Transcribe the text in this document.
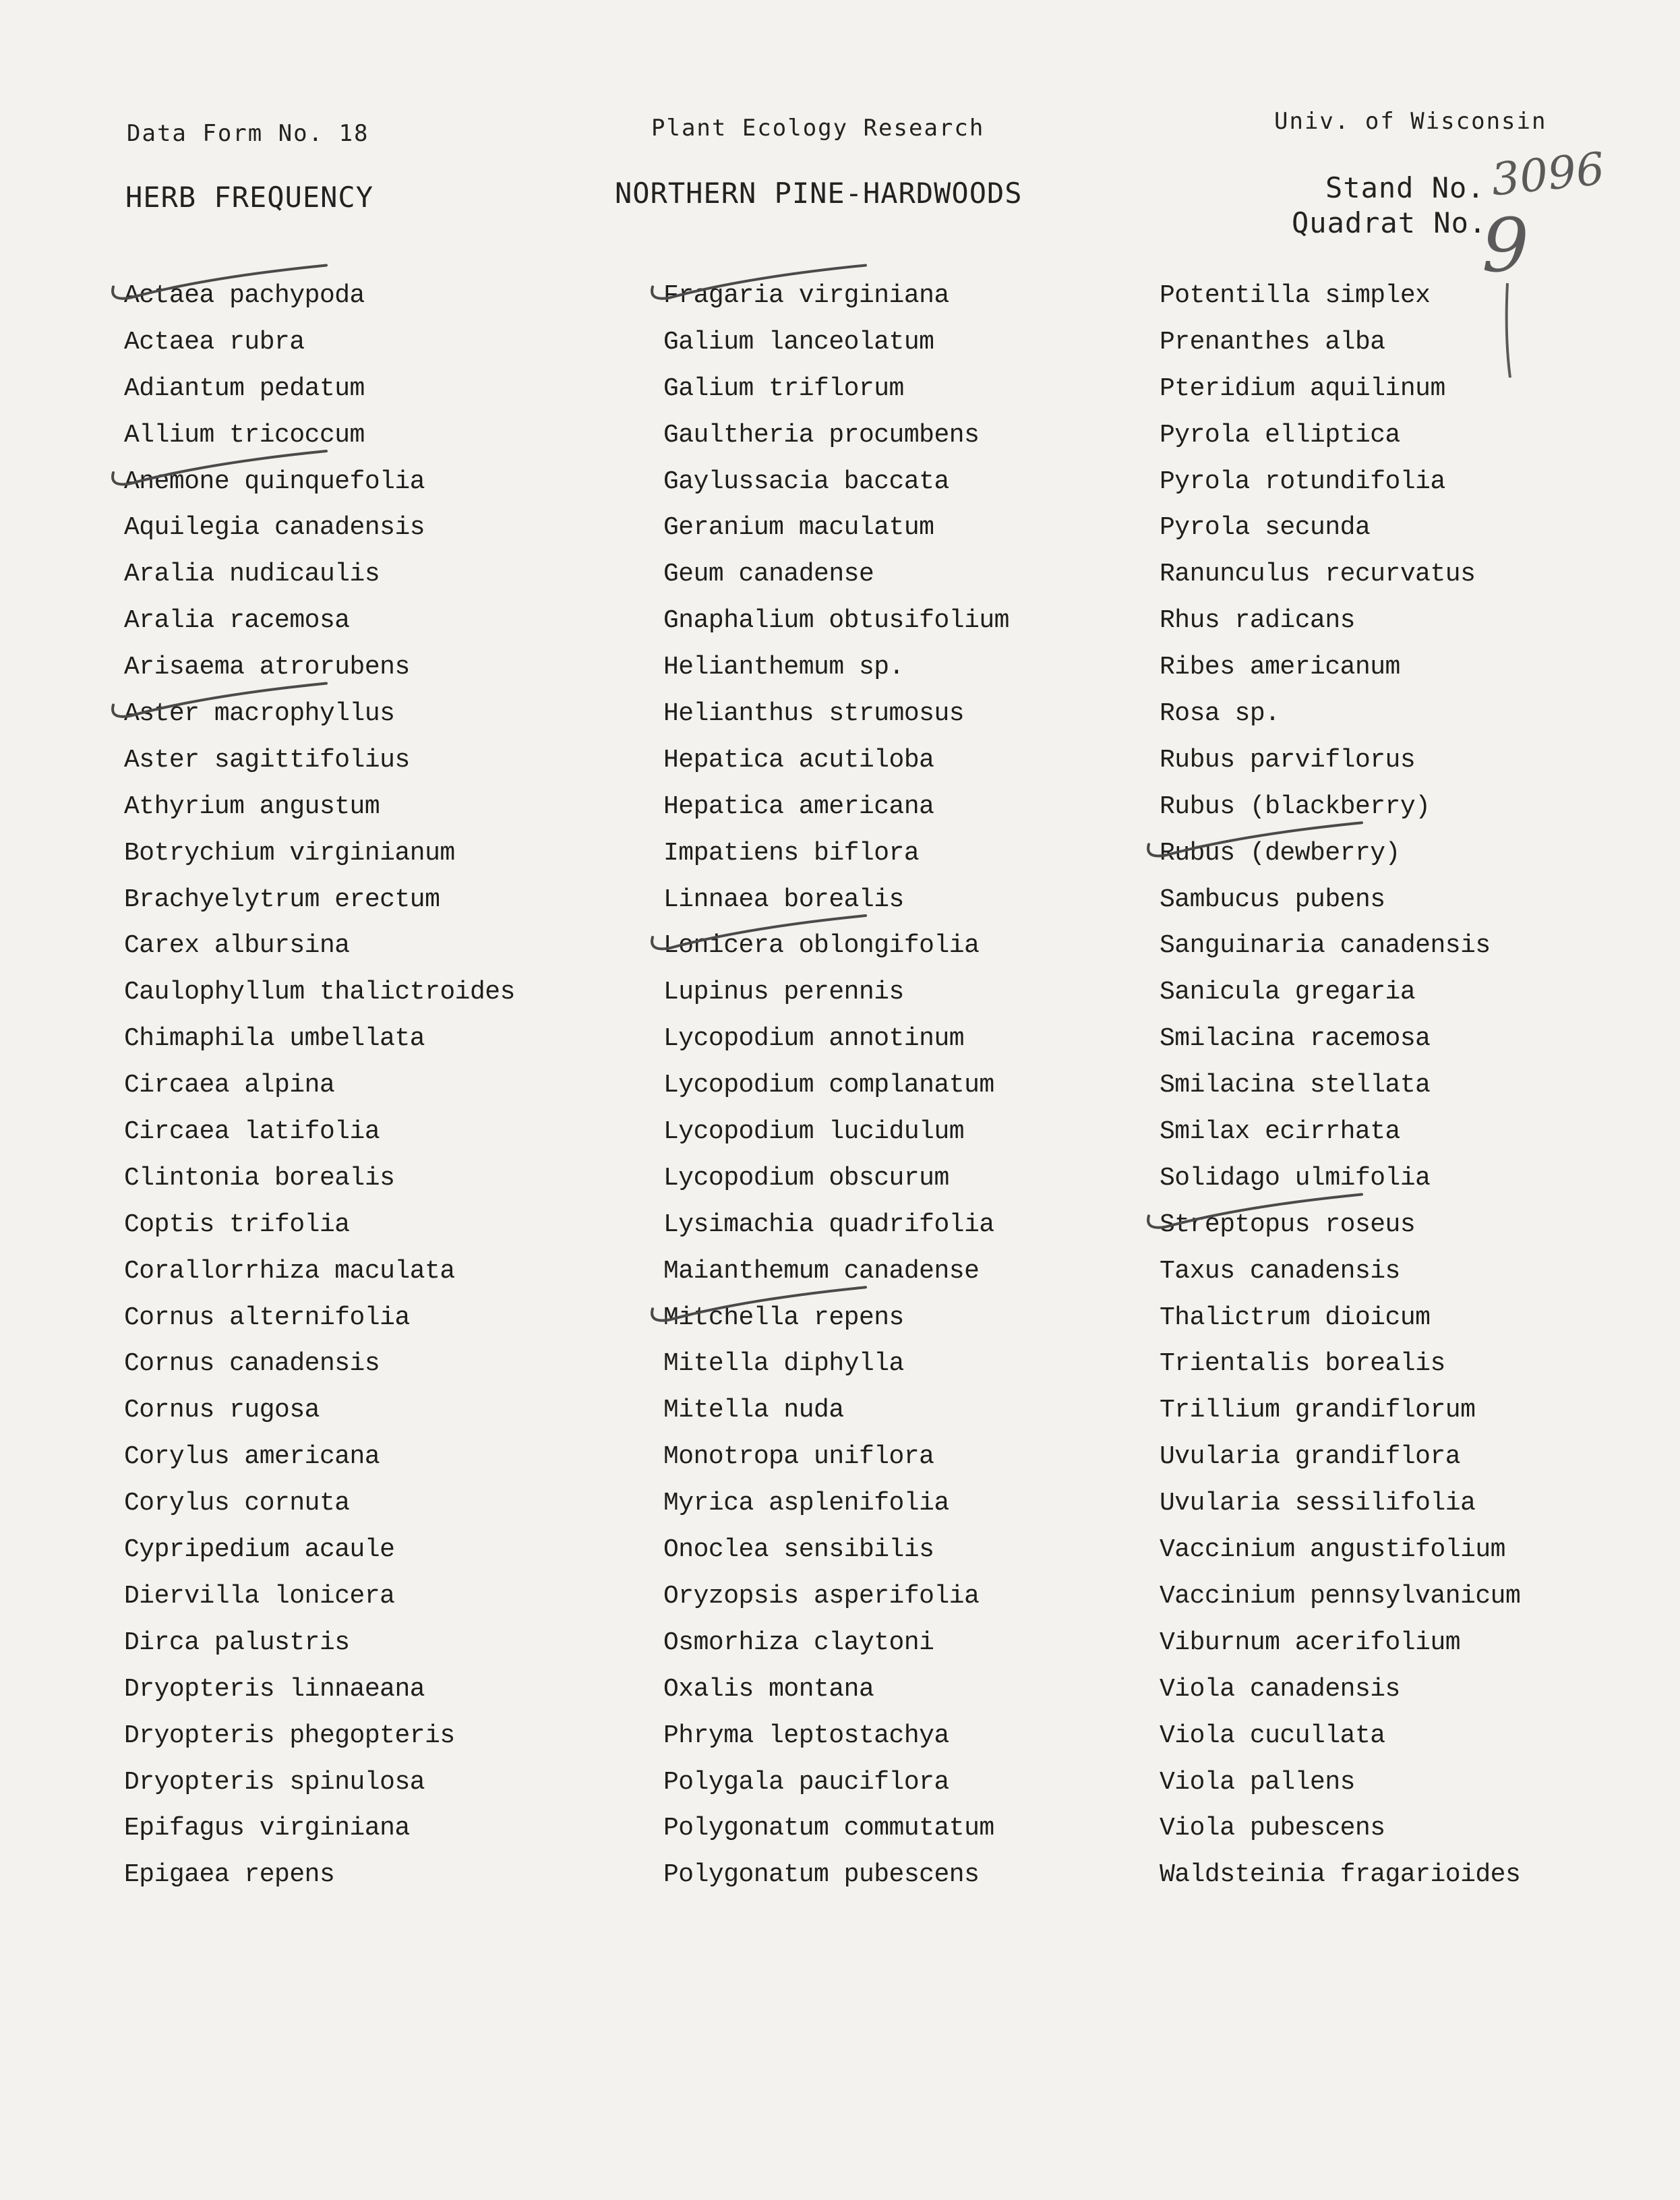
Data Form No. 18	Plant Ecology Research	Univ. of Wisconsin
HERB FREQUENCY	NORTHERN PINE-HARDWOODS	Stand No. 3096
Quadrat No.
9
Actaea pachypoda
Actaea rubra
Adiantum pedatum
Allium tricoccum
Anemone quinquefolia
Aquilegia canadensis
Aralia nudicaulis
Aralia racemosa
Arisaema atrorubens
Aster macrophyllus
Aster sagittifolius
Athyrium angustum
Botrychium virginianum
Brachyelytrum erectum
Carex albursina
Caulophyllum thalictroides
Chimaphila umbellata
Circaea alpina
Circaea latifolia
Clintonia borealis
Coptis trifolia
Corallorrhiza maculata
Cornus alternifolia
Cornus canadensis
Cornus rugosa
Corylus americana
Corylus cornuta
Cypripedium acaule
Diervilla lonicera
Dirca palustris
Dryopteris linnaeana
Dryopteris phegopteris
Dryopteris spinulosa
Epifagus virginiana
Epigaea repens
Fragaria virginiana
Galium lanceolatum
Galium triflorum
Gaultheria procumbens
Gaylussacia baccata
Geranium maculatum
Geum canadense
Gnaphalium obtusifolium
Helianthemum sp.
Helianthus strumosus
Hepatica acutiloba
Hepatica americana
Impatiens biflora
Linnaea borealis
Lonicera oblongifolia
Lupinus perennis
Lycopodium annotinum
Lycopodium complanatum
Lycopodium lucidulum
Lycopodium obscurum
Lysimachia quadrifolia
Maianthemum canadense
Mitchella repens
Mitella diphylla
Mitella nuda
Monotropa uniflora
Myrica asplenifolia
Onoclea sensibilis
Oryzopsis asperifolia
Osmorhiza claytoni
Oxalis montana
Phryma leptostachya
Polygala pauciflora
Polygonatum commutatum
Polygonatum pubescens
Potentilla simplex
Prenanthes alba
Pteridium aquilinum
Pyrola elliptica
Pyrola rotundifolia
Pyrola secunda
Ranunculus recurvatus
Rhus radicans
Ribes americanum
Rosa sp.
Rubus parviflorus
Rubus (blackberry)
Rubus (dewberry)
Sambucus pubens
Sanguinaria canadensis
Sanicula gregaria
Smilacina racemosa
Smilacina stellata
Smilax ecirrhata
Solidago ulmifolia
Streptopus roseus
Taxus canadensis
Thalictrum dioicum
Trientalis borealis
Trillium grandiflorum
Uvularia grandiflora
Uvularia sessilifolia
Vaccinium angustifolium
Vaccinium pennsylvanicum
Viburnum acerifolium
Viola canadensis
Viola cucullata
Viola pallens
Viola pubescens
Waldsteinia fragarioides
